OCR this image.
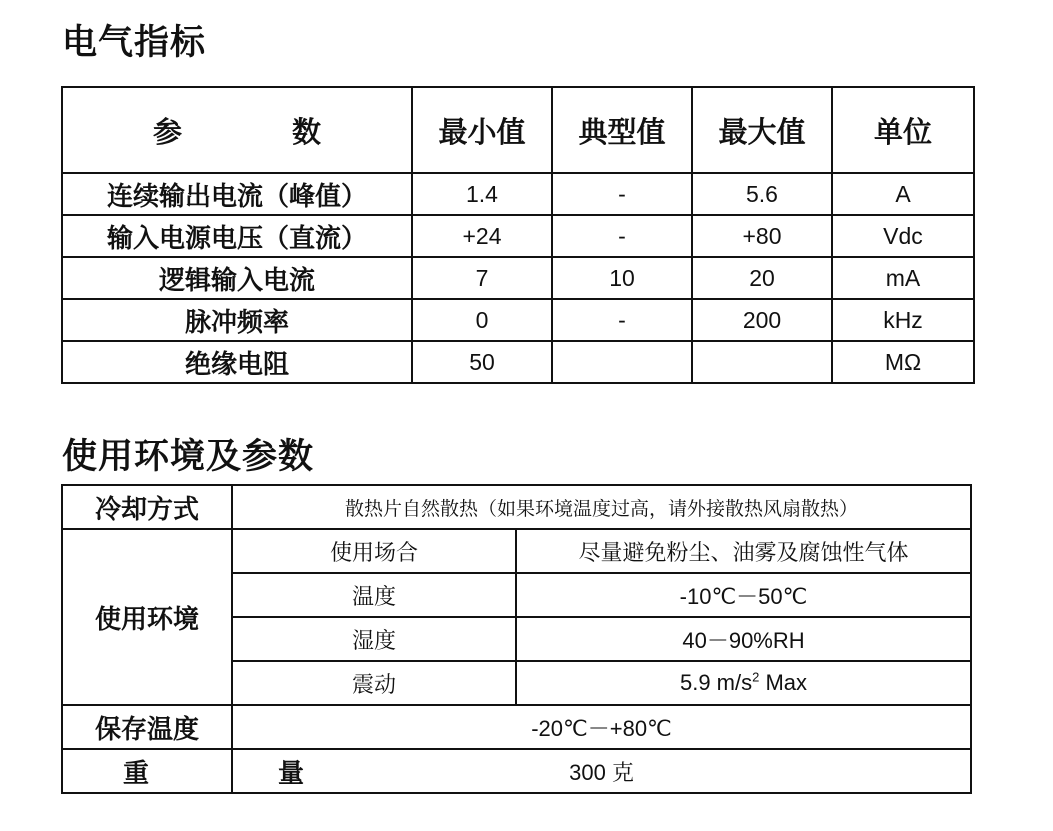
电气指标
参 数	最小值	典型值	最大值	单位
连续输出电流（峰值）	1.4	-	5.6	A
输入电源电压（直流）	+24	-	+80	Vdc
逻辑输入电流	7	10	20	mA
脉冲频率	0	-	200	kHz
绝缘电阻	50			MΩ
使用环境及参数
冷却方式	散热片自然散热（如果环境温度过高，请外接散热风扇散热）	
使用环境	使用场合	尽量避免粉尘、油雾及腐蚀性气体
	温度	-10℃－50℃
	湿度	40－90%RH
	震动	5.9 $m/s^2$ Max
保存温度	-20℃－+80℃	
重 量	300 克	
